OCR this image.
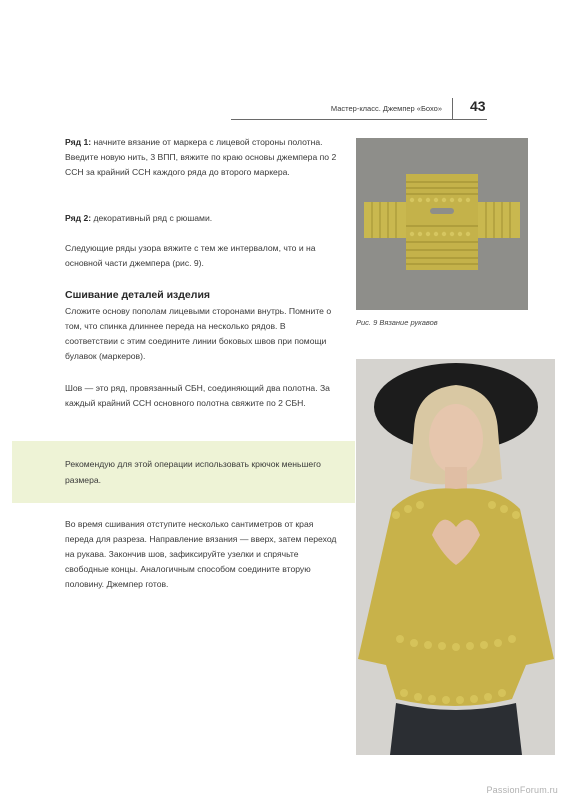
Мастер-класс. Джемпер «Бохо» 43

Ряд 1: начните вязание от маркера с лицевой стороны полотна. Введите новую нить, 3 ВПП, вяжите по краю основы джемпера по 2 ССН за крайний ССН каждого ряда до второго маркера.

Ряд 2: декоративный ряд с рюшами.

Следующие ряды узора вяжите с тем же интервалом, что и на основной части джемпера (рис. 9).

Сшивание деталей изделия

Сложите основу пополам лицевыми сторонами внутрь. Помните о том, что спинка длиннее переда на несколько рядов. В соответствии с этим соедините линии боковых швов при помощи булавок (маркеров).

Шов — это ряд, провязанный СБН, соединяющий два полотна. За каждый крайний ССН основного полотна свяжите по 2 СБН.

Рекомендую для этой операции использовать крючок меньшего размера.

Во время сшивания отступите несколько сантиметров от края переда для разреза. Направление вязания — вверх, затем переход на рукава. Закончив шов, зафиксируйте узелки и спрячьте свободные концы. Аналогичным способом соедините вторую половину. Джемпер готов.

Рис. 9 Вязание рукавов
PassionForum.ru
